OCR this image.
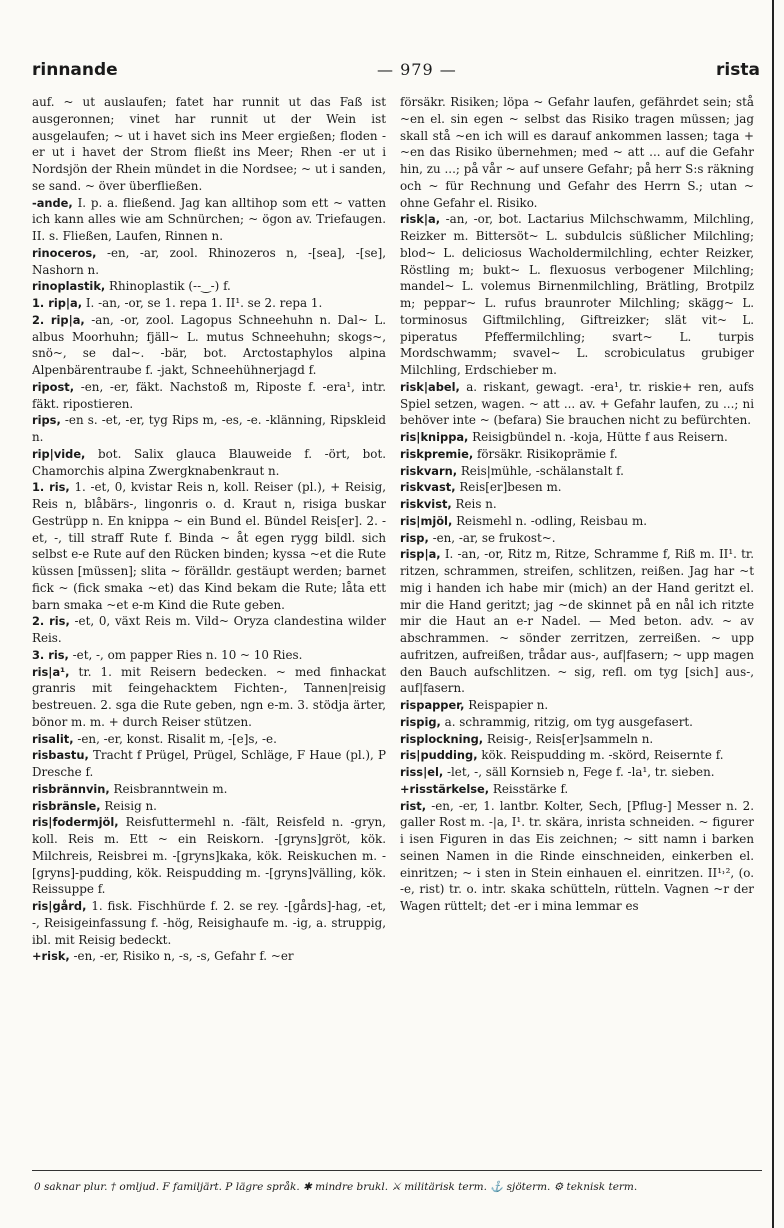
rinnande	— 979 —	rista

auf. ~ ut auslaufen; fatet har runnit ut das Faß ist ausgeronnen; vinet har runnit ut der Wein ist ausgelaufen; ~ ut i havet sich ins Meer ergießen; floden -er ut i havet der Strom fließt ins Meer; Rhen -er ut i Nordsjön der Rhein mündet in die Nordsee; ~ ut i sanden, se sand. ~ över überfließen.

-ande, I. p. a. fließend. Jag kan alltihop som ett ~ vatten ich kann alles wie am Schnürchen; ~ ögon av. Triefaugen. II. s. Fließen, Laufen, Rinnen n.

rinoceros, -en, -ar, zool. Rhinozeros n, -[sea], -[se], Nashorn n.

rinoplastik, Rhinoplastik (--‿-) f.

1. rip|a, I. -an, -or, se 1. repa 1. II¹. se 2. repa 1.

2. rip|a, -an, -or, zool. Lagopus Schneehuhn n. Dal~ L. albus Moorhuhn; fjäll~ L. mutus Schneehuhn; skogs~, snö~, se dal~. -bär, bot. Arctostaphylos alpina Alpenbärentraube f. -jakt, Schneehühnerjagd f.

ripost, -en, -er, fäkt. Nachstoß m, Riposte f. -era¹, intr. fäkt. ripostieren.

rips, -en s. -et, -er, tyg Rips m, -es, -e. -klänning, Ripskleid n.

rip|vide, bot. Salix glauca Blauweide f. -ört, bot. Chamorchis alpina Zwergknabenkraut n.

1. ris, 1. -et, 0, kvistar Reis n, koll. Reiser (pl.), + Reisig, Reis n, blåbärs-, lingonris o. d. Kraut n, risiga buskar Gestrüpp n. En knippa ~ ein Bund el. Bündel Reis[er]. 2. -et, -, till straff Rute f. Binda ~ åt egen rygg bildl. sich selbst e-e Rute auf den Rücken binden; kyssa ~et die Rute küssen [müssen]; slita ~ förälldr. gestäupt werden; barnet fick ~ (fick smaka ~et) das Kind bekam die Rute; låta ett barn smaka ~et e-m Kind die Rute geben.

2. ris, -et, 0, växt Reis m. Vild~ Oryza clandestina wilder Reis.

3. ris, -et, -, om papper Ries n. 10 ~ 10 Ries.

ris|a¹, tr. 1. mit Reisern bedecken. ~ med finhackat granris mit feingehacktem Fichten-, Tannen|reisig bestreuen. 2. sga die Rute geben, ngn e-m. 3. stödja ärter, bönor m. m. + durch Reiser stützen.

risalit, -en, -er, konst. Risalit m, -[e]s, -e.

risbastu, Tracht f Prügel, Prügel, Schläge, F Haue (pl.), P Dresche f.

risbrännvin, Reisbranntwein m.

risbränsle, Reisig n.

ris|fodermjöl, Reisfuttermehl n. -fält, Reisfeld n. -gryn, koll. Reis m. Ett ~ ein Reiskorn. -[gryns]gröt, kök. Milchreis, Reisbrei m. -[gryns]kaka, kök. Reiskuchen m. -[gryns]-pudding, kök. Reispudding m. -[gryns]välling, kök. Reissuppe f.

ris|gård, 1. fisk. Fischhürde f. 2. se rey. -[gårds]-hag, -et, -, Reisigeinfassung f. -hög, Reisighaufe m. -ig, a. struppig, ibl. mit Reisig bedeckt.

+risk, -en, -er, Risiko n, -s, -s, Gefahr f. ~er

försäkr. Risiken; löpa ~ Gefahr laufen, gefährdet sein; stå ~en el. sin egen ~ selbst das Risiko tragen müssen; jag skall stå ~en ich will es darauf ankommen lassen; taga + ~en das Risiko übernehmen; med ~ att ... auf die Gefahr hin, zu ...; på vår ~ auf unsere Gefahr; på herr S:s räkning och ~ für Rechnung und Gefahr des Herrn S.; utan ~ ohne Gefahr el. Risiko.

risk|a, -an, -or, bot. Lactarius Milchschwamm, Milchling, Reizker m. Bittersöt~ L. subdulcis süßlicher Milchling; blod~ L. deliciosus Wacholdermilchling, echter Reizker, Röstling m; bukt~ L. flexuosus verbogener Milchling; mandel~ L. volemus Birnenmilchling, Brätling, Brotpilz m; peppar~ L. rufus braunroter Milchling; skägg~ L. torminosus Giftmilchling, Giftreizker; slät vit~ L. piperatus Pfeffermilchling; svart~ L. turpis Mordschwamm; svavel~ L. scrobiculatus grubiger Milchling, Erdschieber m.

risk|abel, a. riskant, gewagt. -era¹, tr. riskie+ ren, aufs Spiel setzen, wagen. ~ att ... av. + Gefahr laufen, zu ...; ni behöver inte ~ (befara) Sie brauchen nicht zu befürchten.

ris|knippa, Reisigbündel n. -koja, Hütte f aus Reisern.

riskpremie, försäkr. Risikoprämie f.

riskvarn, Reis|mühle, -schälanstalt f.

riskvast, Reis[er]besen m.

riskvist, Reis n.

ris|mjöl, Reismehl n. -odling, Reisbau m.

risp, -en, -ar, se frukost~.

risp|a, I. -an, -or, Ritz m, Ritze, Schramme f, Riß m. II¹. tr. ritzen, schrammen, streifen, schlitzen, reißen. Jag har ~t mig i handen ich habe mir (mich) an der Hand geritzt el. mir die Hand geritzt; jag ~de skinnet på en nål ich ritzte mir die Haut an e-r Nadel. — Med beton. adv. ~ av abschrammen. ~ sönder zerritzen, zerreißen. ~ upp aufritzen, aufreißen, trådar aus-, auf|fasern; ~ upp magen den Bauch aufschlitzen. ~ sig, refl. om tyg [sich] aus-, auf|fasern.

rispapper, Reispapier n.

rispig, a. schrammig, ritzig, om tyg ausgefasert.

risplockning, Reisig-, Reis[er]sammeln n.

ris|pudding, kök. Reispudding m. -skörd, Reisernte f.

riss|el, -let, -, säll Kornsieb n, Fege f. -la¹, tr. sieben.

+risstärkelse, Reisstärke f.

rist, -en, -er, 1. lantbr. Kolter, Sech, [Pflug-] Messer n. 2. galler Rost m. -|a, I¹. tr. skära, inrista schneiden. ~ figurer i isen Figuren in das Eis zeichnen; ~ sitt namn i barken seinen Namen in die Rinde einschneiden, einkerben el. einritzen; ~ i sten in Stein einhauen el. einritzen. II¹˒², (o. -e, rist) tr. o. intr. skaka schütteln, rütteln. Vagnen ~r der Wagen rüttelt; det -er i mina lemmar es

0 saknar plur. † omljud. F familjärt. P lägre språk. ✱ mindre brukl. ⚔ militärisk term. ⚓ sjöterm. ⚙ teknisk term.
